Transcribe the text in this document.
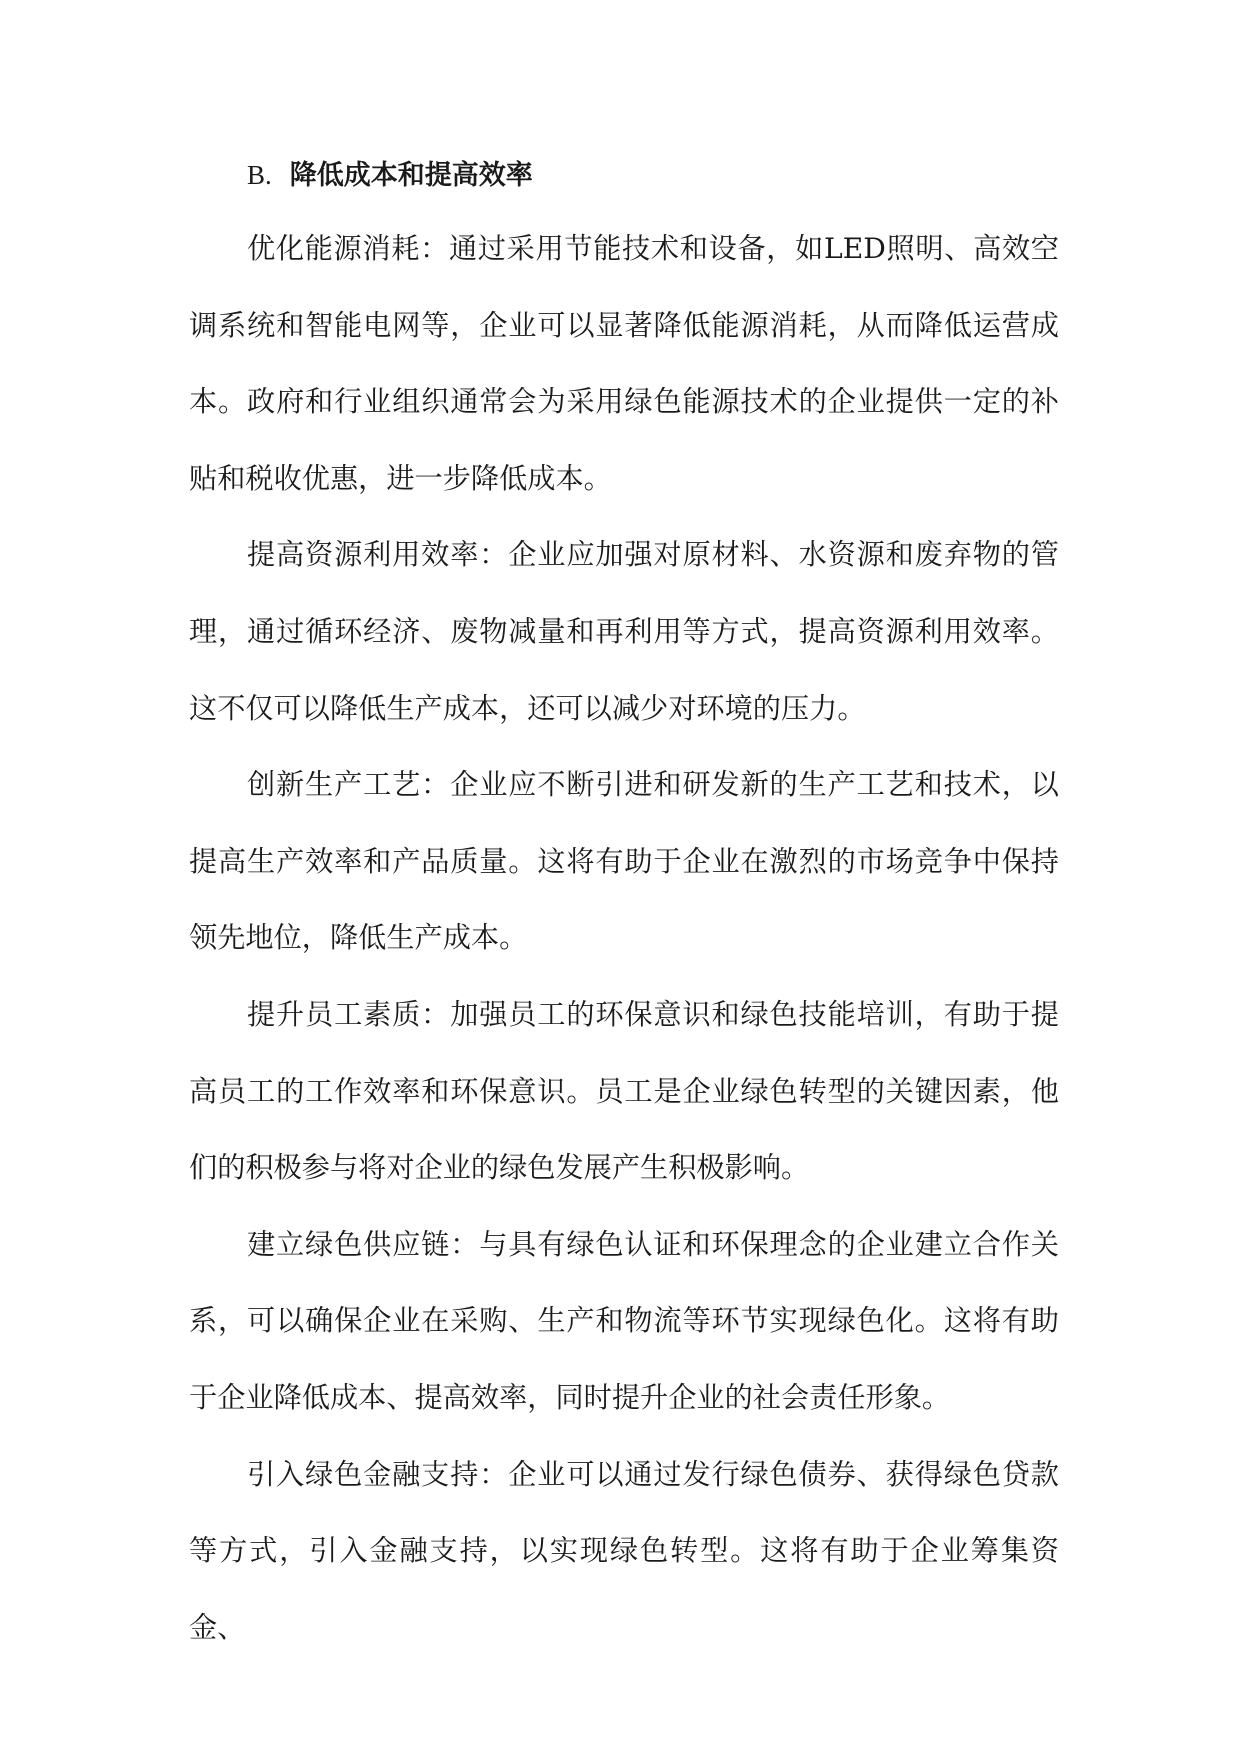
B. 降低成本和提高效率

优化能源消耗：通过采用节能技术和设备，如LED照明、高效空调系统和智能电网等，企业可以显著降低能源消耗，从而降低运营成本。政府和行业组织通常会为采用绿色能源技术的企业提供一定的补贴和税收优惠，进一步降低成本。

提高资源利用效率：企业应加强对原材料、水资源和废弃物的管理，通过循环经济、废物减量和再利用等方式，提高资源利用效率。这不仅可以降低生产成本，还可以减少对环境的压力。

创新生产工艺：企业应不断引进和研发新的生产工艺和技术，以提高生产效率和产品质量。这将有助于企业在激烈的市场竞争中保持领先地位，降低生产成本。

提升员工素质：加强员工的环保意识和绿色技能培训，有助于提高员工的工作效率和环保意识。员工是企业绿色转型的关键因素，他们的积极参与将对企业的绿色发展产生积极影响。

建立绿色供应链：与具有绿色认证和环保理念的企业建立合作关系，可以确保企业在采购、生产和物流等环节实现绿色化。这将有助于企业降低成本、提高效率，同时提升企业的社会责任形象。

引入绿色金融支持：企业可以通过发行绿色债券、获得绿色贷款等方式，引入金融支持，以实现绿色转型。这将有助于企业筹集资金、
